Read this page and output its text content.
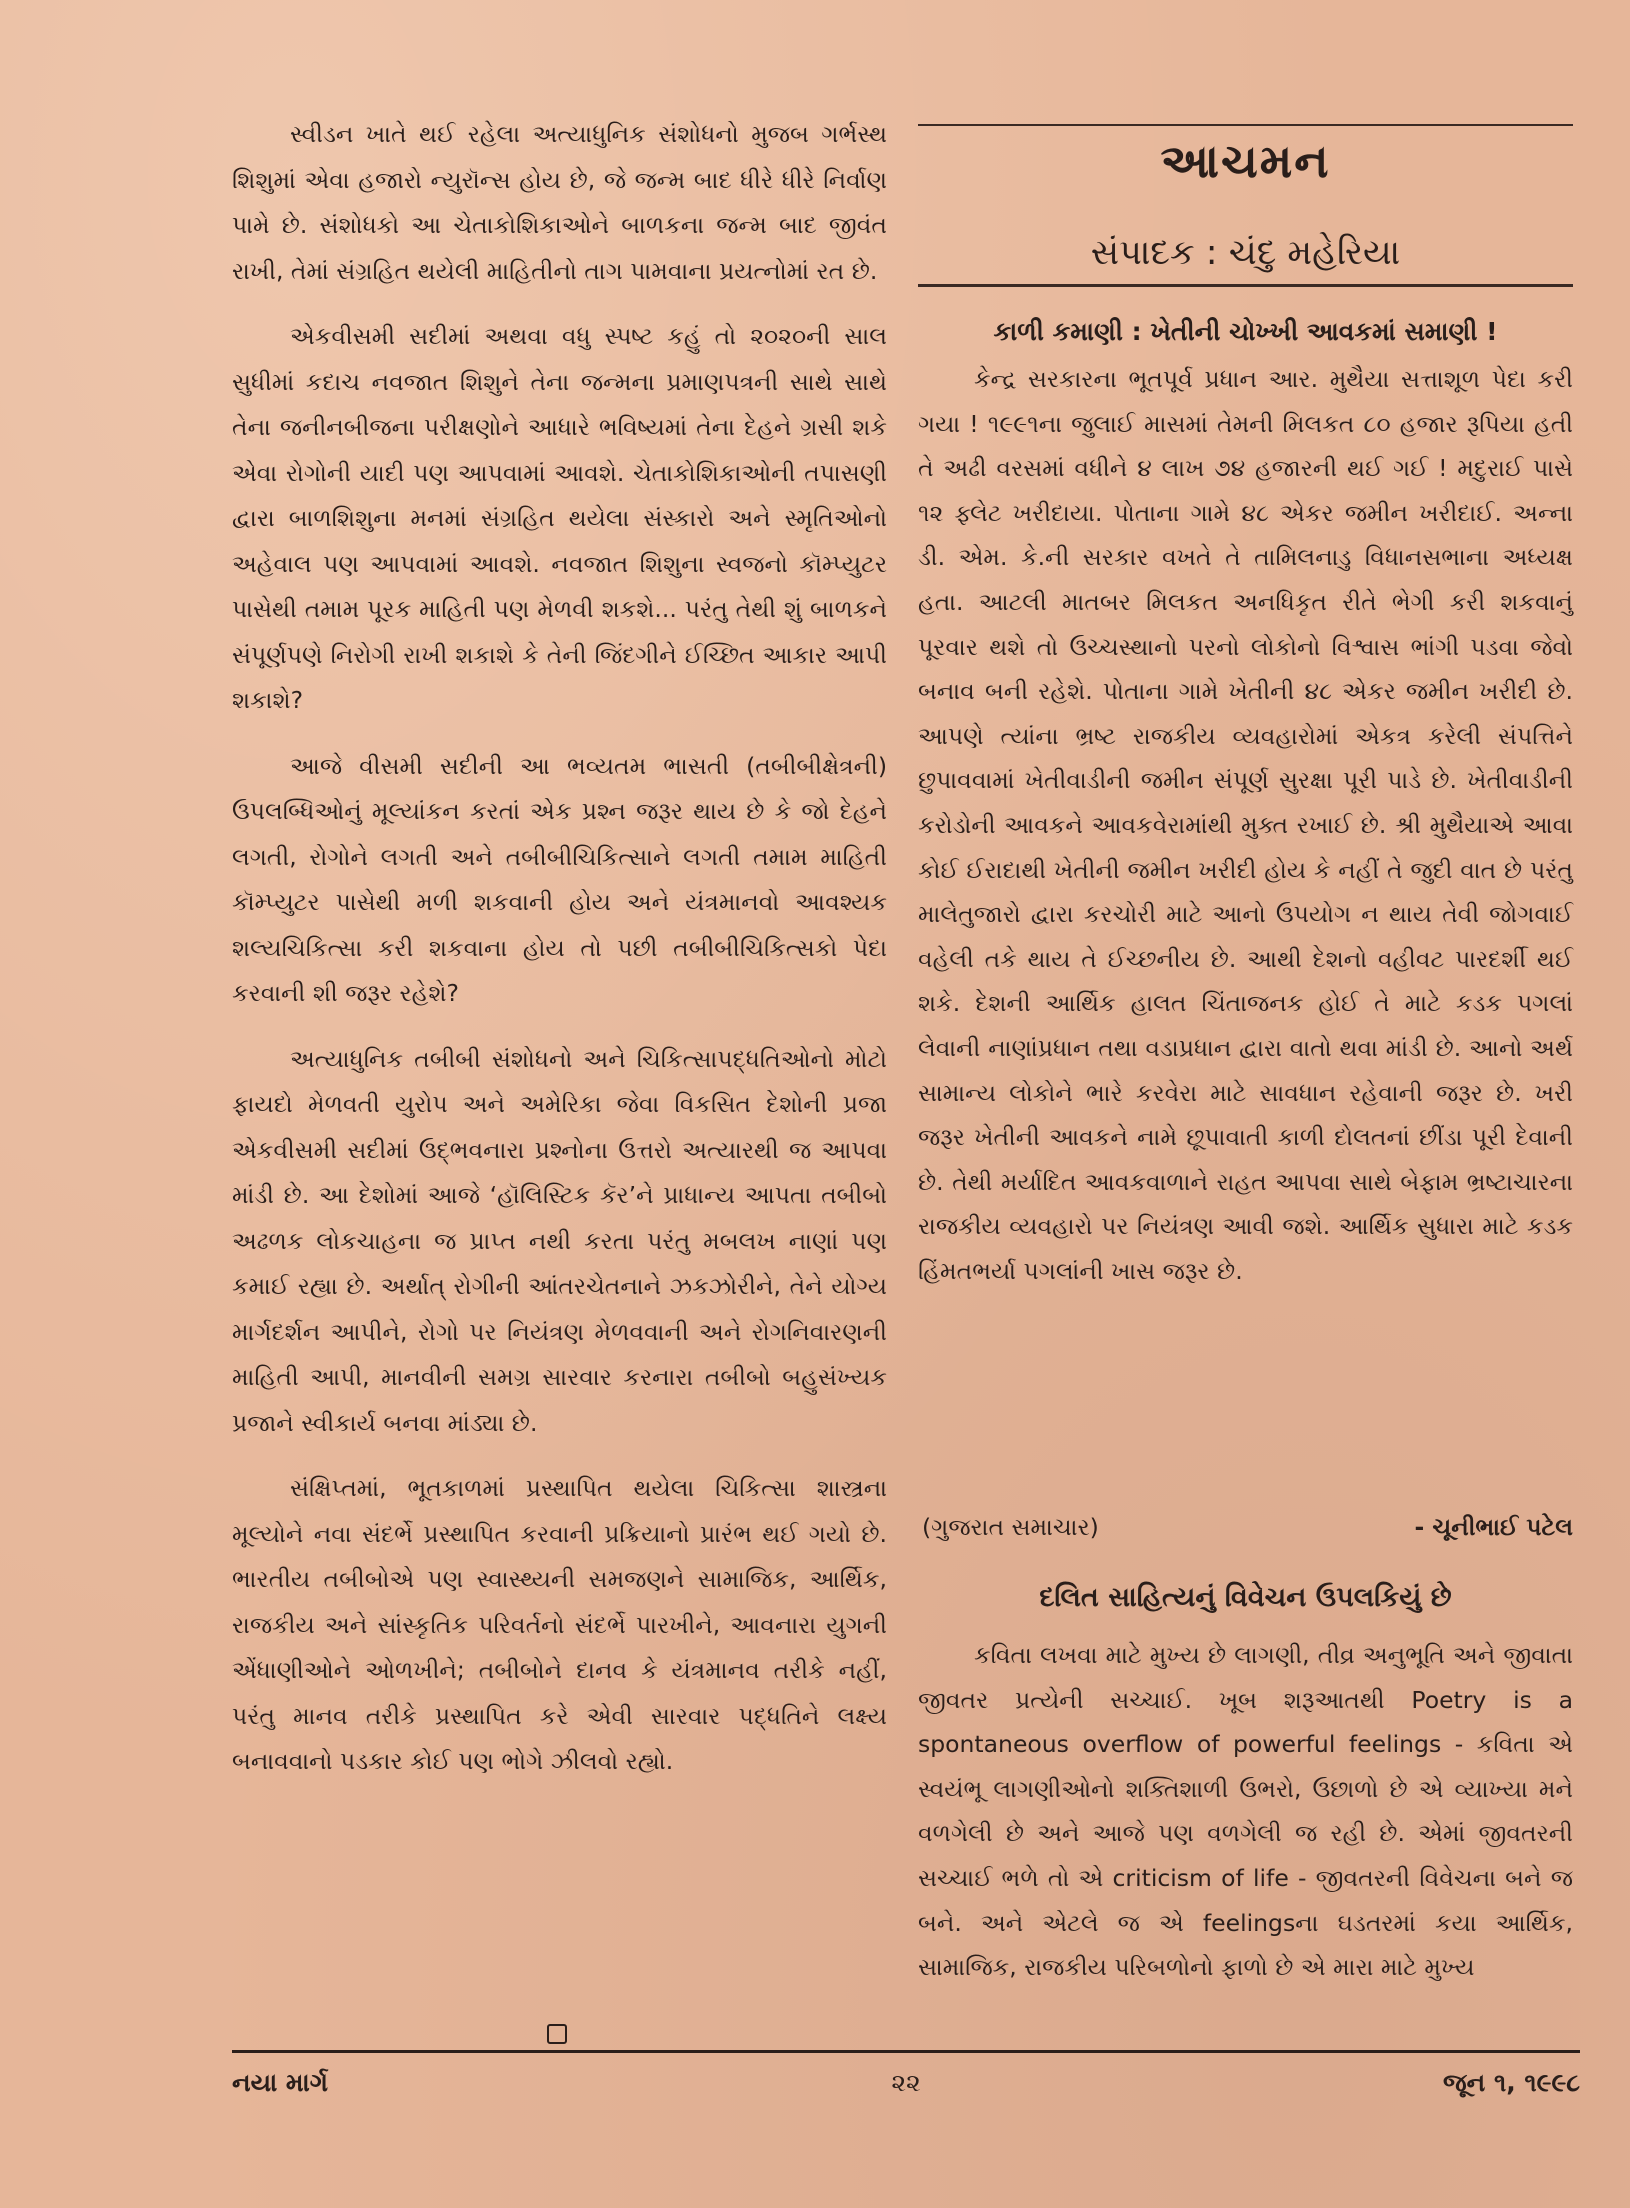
સ્વીડન ખાતે થઈ રહેલા અત્યાધુનિક સંશોધનો મુજબ ગર્ભસ્થ શિશુમાં એવા હજારો ન્યુરૉન્સ હોય છે, જે જન્મ બાદ ધીરે ધીરે નિર્વાણ પામે છે. સંશોધકો આ ચેતાકોશિકાઓને બાળકના જન્મ બાદ જીવંત રાખી, તેમાં સંગ્રહિત થયેલી માહિતીનો તાગ પામવાના પ્રયત્નોમાં રત છે.

એકવીસમી સદીમાં અથવા વધુ સ્પષ્ટ કહું તો ૨૦૨૦ની સાલ સુધીમાં કદાચ નવજાત શિશુને તેના જન્મના પ્રમાણપત્રની સાથે સાથે તેના જનીનબીજના પરીક્ષણોને આધારે ભવિષ્યમાં તેના દેહને ગ્રસી શકે એવા રોગોની યાદી પણ આપવામાં આવશે. ચેતાકોશિકાઓની તપાસણી દ્વારા બાળશિશુના મનમાં સંગ્રહિત થયેલા સંસ્કારો અને સ્મૃતિઓનો અહેવાલ પણ આપવામાં આવશે. નવજાત શિશુના સ્વજનો કૉમ્પ્યુટર પાસેથી તમામ પૂરક માહિતી પણ મેળવી શકશે... પરંતુ તેથી શું બાળકને સંપૂર્ણપણે નિરોગી રાખી શકાશે કે તેની જિંદગીને ઈચ્છિત આકાર આપી શકાશે?

આજે વીસમી સદીની આ ભવ્યતમ ભાસતી (તબીબીક્ષેત્રની) ઉપલબ્ધિઓનું મૂલ્યાંકન કરતાં એક પ્રશ્ન જરૂર થાય છે કે જો દેહને લગતી, રોગોને લગતી અને તબીબીચિકિત્સાને લગતી તમામ માહિતી કૉમ્પ્યુટર પાસેથી મળી શકવાની હોય અને યંત્રમાનવો આવશ્યક શલ્યચિકિત્સા કરી શકવાના હોય તો પછી તબીબીચિકિત્સકો પેદા કરવાની શી જરૂર રહેશે?

અત્યાધુનિક તબીબી સંશોધનો અને ચિકિત્સાપદ્ધતિઓનો મોટો ફાયદો મેળવતી યુરોપ અને અમેરિકા જેવા વિકસિત દેશોની પ્રજા એકવીસમી સદીમાં ઉદ્ભવનારા પ્રશ્નોના ઉત્તરો અત્યારથી જ આપવા માંડી છે. આ દેશોમાં આજે ‘હૉલિસ્ટિક કૅર’ને પ્રાધાન્ય આપતા તબીબો અઢળક લોકચાહના જ પ્રાપ્ત નથી કરતા પરંતુ મબલખ નાણાં પણ કમાઈ રહ્યા છે. અર્થાત્ રોગીની આંતરચેતનાને ઝકઝોરીને, તેને યોગ્ય માર્ગદર્શન આપીને, રોગો પર નિયંત્રણ મેળવવાની અને રોગનિવારણની માહિતી આપી, માનવીની સમગ્ર સારવાર કરનારા તબીબો બહુસંખ્યક પ્રજાને સ્વીકાર્ય બનવા માંડ્યા છે.

સંક્ષિપ્તમાં, ભૂતકાળમાં પ્રસ્થાપિત થયેલા ચિકિત્સા શાસ્ત્રના મૂલ્યોને નવા સંદર્ભે પ્રસ્થાપિત કરવાની પ્રક્રિયાનો પ્રારંભ થઈ ગયો છે. ભારતીય તબીબોએ પણ સ્વાસ્થ્યની સમજણને સામાજિક, આર્થિક, રાજકીય અને સાંસ્કૃતિક પરિવર્તનો સંદર્ભે પારખીને, આવનારા યુગની એંધાણીઓને ઓળખીને; તબીબોને દાનવ કે યંત્રમાનવ તરીકે નહીં, પરંતુ માનવ તરીકે પ્રસ્થાપિત કરે એવી સારવાર પદ્ધતિને લક્ષ્ય બનાવવાનો પડકાર કોઈ પણ ભોગે ઝીલવો રહ્યો.

આચમન
સંપાદક : ચંદુ મહેરિયા
કાળી કમાણી : ખેતીની ચોખ્ખી આવકમાં સમાણી !

કેન્દ્ર સરકારના ભૂતપૂર્વ પ્રધાન આર. મુથૈયા સત્તાશૂળ પેદા કરી ગયા ! ૧૯૯૧ના જુલાઈ માસમાં તેમની મિલકત ૮૦ હજાર રૂપિયા હતી તે અઢી વરસમાં વધીને ૪ લાખ ૭૪ હજારની થઈ ગઈ ! મદુરાઈ પાસે ૧૨ ફ્લેટ ખરીદાયા. પોતાના ગામે ૪૮ એકર જમીન ખરીદાઈ. અન્ના ડી. એમ. કે.ની સરકાર વખતે તે તામિલનાડુ વિધાનસભાના અધ્યક્ષ હતા. આટલી માતબર મિલકત અનધિકૃત રીતે ભેગી કરી શકવાનું પૂરવાર થશે તો ઉચ્ચસ્થાનો પરનો લોકોનો વિશ્વાસ ભાંગી પડવા જેવો બનાવ બની રહેશે. પોતાના ગામે ખેતીની ૪૮ એકર જમીન ખરીદી છે. આપણે ત્યાંના ભ્રષ્ટ રાજકીય વ્યવહારોમાં એકત્ર કરેલી સંપત્તિને છુપાવવામાં ખેતીવાડીની જમીન સંપૂર્ણ સુરક્ષા પૂરી પાડે છે. ખેતીવાડીની કરોડોની આવકને આવકવેરામાંથી મુક્ત રખાઈ છે. શ્રી મુથૈયાએ આવા કોઈ ઈરાદાથી ખેતીની જમીન ખરીદી હોય કે નહીં તે જુદી વાત છે પરંતુ માલેતુજારો દ્વારા કરચોરી માટે આનો ઉપયોગ ન થાય તેવી જોગવાઈ વહેલી તકે થાય તે ઈચ્છનીય છે. આથી દેશનો વહીવટ પારદર્શી થઈ શકે. દેશની આર્થિક હાલત ચિંતાજનક હોઈ તે માટે કડક પગલાં લેવાની નાણાંપ્રધાન તથા વડાપ્રધાન દ્વારા વાતો થવા માંડી છે. આનો અર્થ સામાન્ય લોકોને ભારે કરવેરા માટે સાવધાન રહેવાની જરૂર છે. ખરી જરૂર ખેતીની આવકને નામે છૂપાવાતી કાળી દોલતનાં છીંડા પૂરી દેવાની છે. તેથી મર્યાદિત આવકવાળાને રાહત આપવા સાથે બેફામ ભ્રષ્ટાચારના રાજકીય વ્યવહારો પર નિયંત્રણ આવી જશે. આર્થિક સુધારા માટે કડક હિંમતભર્યા પગલાંની ખાસ જરૂર છે.

(ગુજરાત સમાચાર)	- ચૂનીભાઈ પટેલ
દલિત સાહિત્યનું વિવેચન ઉપલકિયું છે

કવિતા લખવા માટે મુખ્ય છે લાગણી, તીવ્ર અનુભૂતિ અને જીવાતા જીવતર પ્રત્યેની સચ્ચાઈ. ખૂબ શરૂઆતથી Poetry is a spontaneous overflow of powerful feelings - કવિતા એ સ્વયંભૂ લાગણીઓનો શક્તિશાળી ઉભરો, ઉછાળો છે એ વ્યાખ્યા મને વળગેલી છે અને આજે પણ વળગેલી જ રહી છે. એમાં જીવતરની સચ્ચાઈ ભળે તો એ criticism of life - જીવતરની વિવેચના બને જ બને. અને એટલે જ એ feelingsના ઘડતરમાં કયા આર્થિક, સામાજિક, રાજકીય પરિબળોનો ફાળો છે એ મારા માટે મુખ્ય

નયા માર્ગ	૨૨	જૂન ૧, ૧૯૯૮
